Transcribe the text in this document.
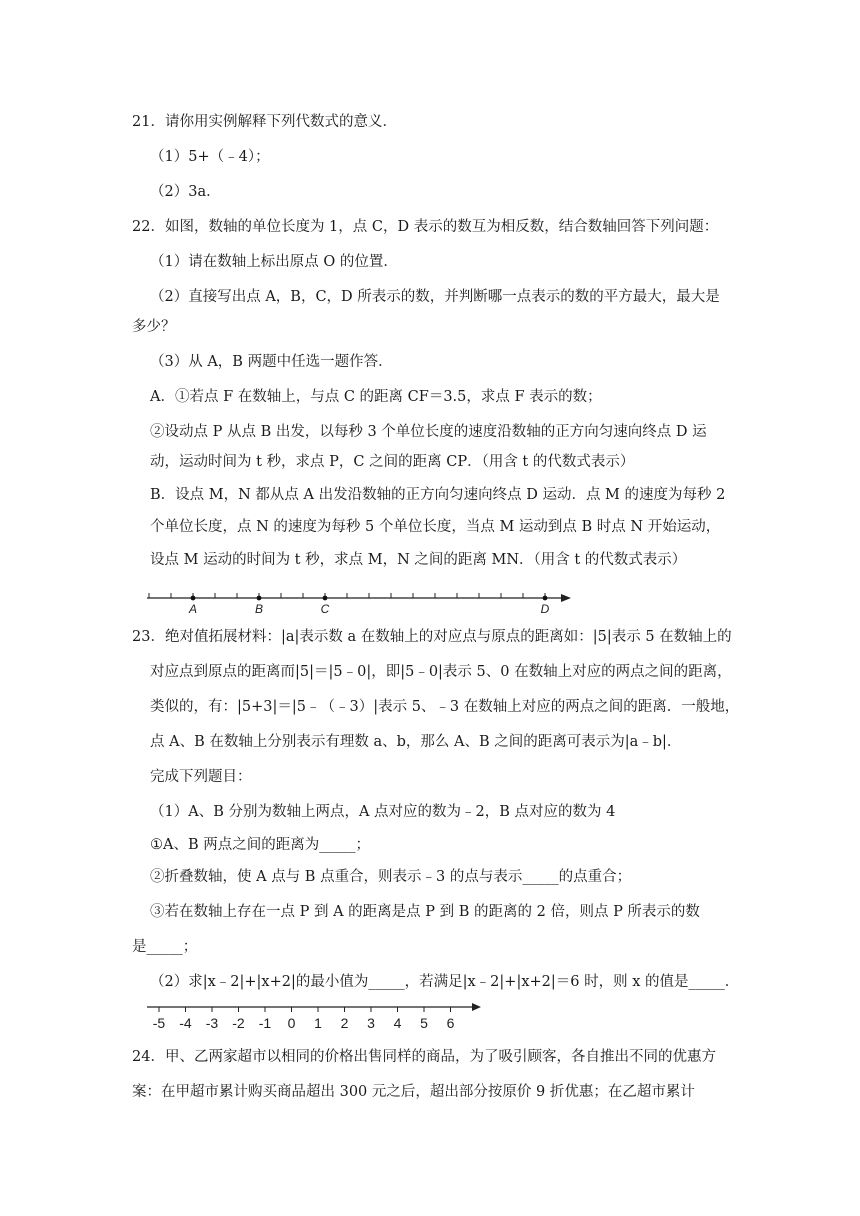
21．请你用实例解释下列代数式的意义．
（1）5+（﹣4）；
（2）3a．
22．如图，数轴的单位长度为 1，点 C，D 表示的数互为相反数，结合数轴回答下列问题：
（1）请在数轴上标出原点 O 的位置．
（2）直接写出点 A，B，C，D 所表示的数，并判断哪一点表示的数的平方最大，最大是
多少？
（3）从 A，B 两题中任选一题作答．
A．①若点 F 在数轴上，与点 C 的距离 CF＝3.5，求点 F 表示的数；
②设动点 P 从点 B 出发，以每秒 3 个单位长度的速度沿数轴的正方向匀速向终点 D 运
动，运动时间为 t 秒，求点 P，C 之间的距离 CP．（用含 t 的代数式表示）
B．设点 M，N 都从点 A 出发沿数轴的正方向匀速向终点 D 运动．点 M 的速度为每秒 2
个单位长度，点 N 的速度为每秒 5 个单位长度，当点 M 运动到点 B 时点 N 开始运动，
设点 M 运动的时间为 t 秒，求点 M，N 之间的距离 MN．（用含 t 的代数式表示）
A	B	C	D
23．绝对值拓展材料：|a|表示数 a 在数轴上的对应点与原点的距离如：|5|表示 5 在数轴上的
对应点到原点的距离而|5|＝|5﹣0|，即|5﹣0|表示 5、0 在数轴上对应的两点之间的距离，
类似的，有：|5+3|＝|5﹣（﹣3）|表示 5、﹣3 在数轴上对应的两点之间的距离．一般地，
点 A、B 在数轴上分别表示有理数 a、b，那么 A、B 之间的距离可表示为|a﹣b|．
完成下列题目：
（1）A、B 分别为数轴上两点，A 点对应的数为﹣2，B 点对应的数为 4
①A、B 两点之间的距离为_____；
②折叠数轴，使 A 点与 B 点重合，则表示﹣3 的点与表示_____的点重合；
③若在数轴上存在一点 P 到 A 的距离是点 P 到 B 的距离的 2 倍，则点 P 所表示的数
是_____；
（2）求|x﹣2|+|x+2|的最小值为_____，若满足|x﹣2|+|x+2|＝6 时，则 x 的值是_____．
-5 -4 -3 -2 -1 0 1 2 3 4 5 6
24．甲、乙两家超市以相同的价格出售同样的商品，为了吸引顾客，各自推出不同的优惠方
案：在甲超市累计购买商品超出 300 元之后，超出部分按原价 9 折优惠；在乙超市累计
